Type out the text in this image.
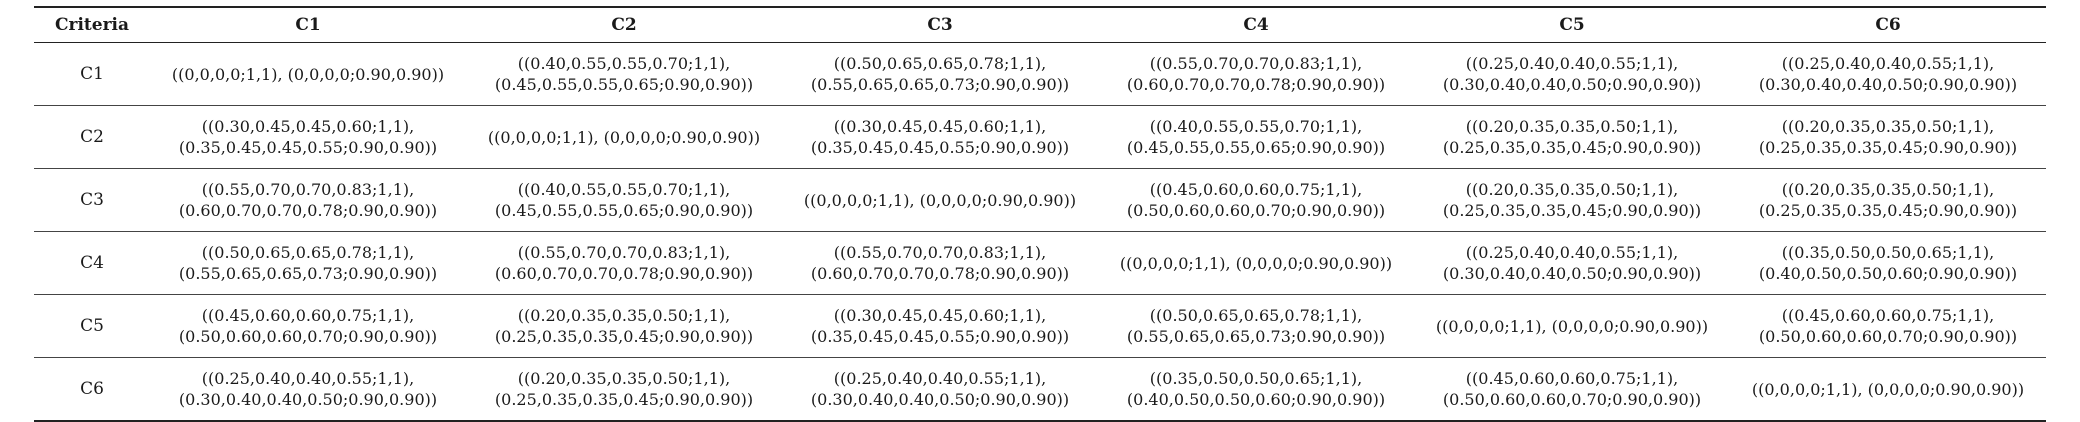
Criteria	C1	C2	C3	C4	C5	C6
C1	((0,0,0,0;1,1), (0,0,0,0;0.90,0.90))	((0.40,0.55,0.55,0.70;1,1),
(0.45,0.55,0.55,0.65;0.90,0.90))	((0.50,0.65,0.65,0.78;1,1),
(0.55,0.65,0.65,0.73;0.90,0.90))	((0.55,0.70,0.70,0.83;1,1),
(0.60,0.70,0.70,0.78;0.90,0.90))	((0.25,0.40,0.40,0.55;1,1),
(0.30,0.40,0.40,0.50;0.90,0.90))	((0.25,0.40,0.40,0.55;1,1),
(0.30,0.40,0.40,0.50;0.90,0.90))

C2	((0.30,0.45,0.45,0.60;1,1),
(0.35,0.45,0.45,0.55;0.90,0.90))	((0,0,0,0;1,1), (0,0,0,0;0.90,0.90))	((0.30,0.45,0.45,0.60;1,1),
(0.35,0.45,0.45,0.55;0.90,0.90))	((0.40,0.55,0.55,0.70;1,1),
(0.45,0.55,0.55,0.65;0.90,0.90))	((0.20,0.35,0.35,0.50;1,1),
(0.25,0.35,0.35,0.45;0.90,0.90))	((0.20,0.35,0.35,0.50;1,1),
(0.25,0.35,0.35,0.45;0.90,0.90))

C3	((0.55,0.70,0.70,0.83;1,1),
(0.60,0.70,0.70,0.78;0.90,0.90))	((0.40,0.55,0.55,0.70;1,1),
(0.45,0.55,0.55,0.65;0.90,0.90))	((0,0,0,0;1,1), (0,0,0,0;0.90,0.90))	((0.45,0.60,0.60,0.75;1,1),
(0.50,0.60,0.60,0.70;0.90,0.90))	((0.20,0.35,0.35,0.50;1,1),
(0.25,0.35,0.35,0.45;0.90,0.90))	((0.20,0.35,0.35,0.50;1,1),
(0.25,0.35,0.35,0.45;0.90,0.90))

C4	((0.50,0.65,0.65,0.78;1,1),
(0.55,0.65,0.65,0.73;0.90,0.90))	((0.55,0.70,0.70,0.83;1,1),
(0.60,0.70,0.70,0.78;0.90,0.90))	((0.55,0.70,0.70,0.83;1,1),
(0.60,0.70,0.70,0.78;0.90,0.90))	((0,0,0,0;1,1), (0,0,0,0;0.90,0.90))	((0.25,0.40,0.40,0.55;1,1),
(0.30,0.40,0.40,0.50;0.90,0.90))	((0.35,0.50,0.50,0.65;1,1),
(0.40,0.50,0.50,0.60;0.90,0.90))

C5	((0.45,0.60,0.60,0.75;1,1),
(0.50,0.60,0.60,0.70;0.90,0.90))	((0.20,0.35,0.35,0.50;1,1),
(0.25,0.35,0.35,0.45;0.90,0.90))	((0.30,0.45,0.45,0.60;1,1),
(0.35,0.45,0.45,0.55;0.90,0.90))	((0.50,0.65,0.65,0.78;1,1),
(0.55,0.65,0.65,0.73;0.90,0.90))	((0,0,0,0;1,1), (0,0,0,0;0.90,0.90))	((0.45,0.60,0.60,0.75;1,1),
(0.50,0.60,0.60,0.70;0.90,0.90))

C6	((0.25,0.40,0.40,0.55;1,1),
(0.30,0.40,0.40,0.50;0.90,0.90))	((0.20,0.35,0.35,0.50;1,1),
(0.25,0.35,0.35,0.45;0.90,0.90))	((0.25,0.40,0.40,0.55;1,1),
(0.30,0.40,0.40,0.50;0.90,0.90))	((0.35,0.50,0.50,0.65;1,1),
(0.40,0.50,0.50,0.60;0.90,0.90))	((0.45,0.60,0.60,0.75;1,1),
(0.50,0.60,0.60,0.70;0.90,0.90))	((0,0,0,0;1,1), (0,0,0,0;0.90,0.90))
